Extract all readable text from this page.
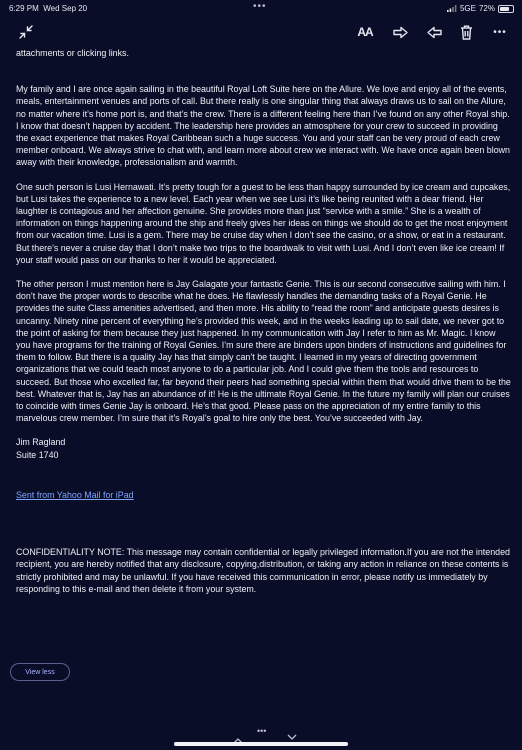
6:29 PM Wed Sep 20	•••	5GE 72%
AA	•••

attachments or clicking links.

My family and I are once again sailing in the beautiful Royal Loft Suite here on the Allure. We love and enjoy all of the events, meals, entertainment venues and ports of call. But there really is one singular thing that always draws us to sail on the Allure, no matter where it’s home port is, and that’s the crew. There is a different feeling here than I’ve found on any other Royal ship. I know that doesn’t happen by accident. The leadership here provides an atmosphere for your crew to succeed in providing the exact experience that makes Royal Caribbean such a huge success. You and your staff can be very proud of each crew member onboard. We always strive to chat with, and learn more about crew we interact with. We have once again been blown away with their knowledge, professionalism and warmth.

One such person is Lusi Hernawati. It’s pretty tough for a guest to be less than happy surrounded by ice cream and cupcakes, but Lusi takes the experience to a new level. Each year when we see Lusi it’s like being reunited with a dear friend. Her laughter is contagious and her affection genuine. She provides more than just “service with a smile.” She is a wealth of information on things happening around the ship and freely gives her ideas on things we should do to get the most enjoyment from our vacation time. Lusi is a gem. There may be cruise day when I don’t see the casino, or a show, or eat in a restaurant. But there’s never a cruise day that I don’t make two trips to the boardwalk to visit with Lusi. And I don’t even like ice cream! If your staff would pass on our thanks to her it would be appreciated.

The other person I must mention here is Jay Galagate your fantastic Genie. This is our second consecutive sailing with him. I don’t have the proper words to describe what he does. He flawlessly handles the demanding tasks of a Royal Genie. He provides the suite Class amenities advertised, and then more. His ability to “read the room” and anticipate guests desires is uncanny. Ninety nine percent of everything he’s provided this week, and in the weeks leading up to sail date, we never got to the point of asking for them because they just happened. In my communication with Jay I refer to him as Mr. Magic. I know you have programs for the training of Royal Genies. I’m sure there are binders upon binders of instructions and guidelines for them to follow. But there is a quality Jay has that simply can’t be taught. I learned in my years of directing government organizations that we could teach most anyone to do a particular job. And I could give them the tools and resources to succeed. But those who excelled far, far beyond their peers had something special within them that would drive them to be the best. Whatever that is, Jay has an abundance of it! He is the ultimate Royal Genie. In the future my family will plan our cruises to coincide with times Genie Jay is onboard. He’s that good. Please pass on the appreciation of my entire family to this marvelous crew member. I’m sure that it’s Royal’s goal to hire only the best. You’ve succeeded with Jay.

Jim Ragland
Suite 1740

Sent from Yahoo Mail for iPad

CONFIDENTIALITY NOTE: This message may contain confidential or legally privileged information.If you are not the intended recipient, you are hereby notified that any disclosure, copying,distribution, or taking any action in reliance on these contents is strictly prohibited and may be unlawful. If you have received this communication in error, please notify us immediately by responding to this e-mail and then delete it from your system.

View less
•••
